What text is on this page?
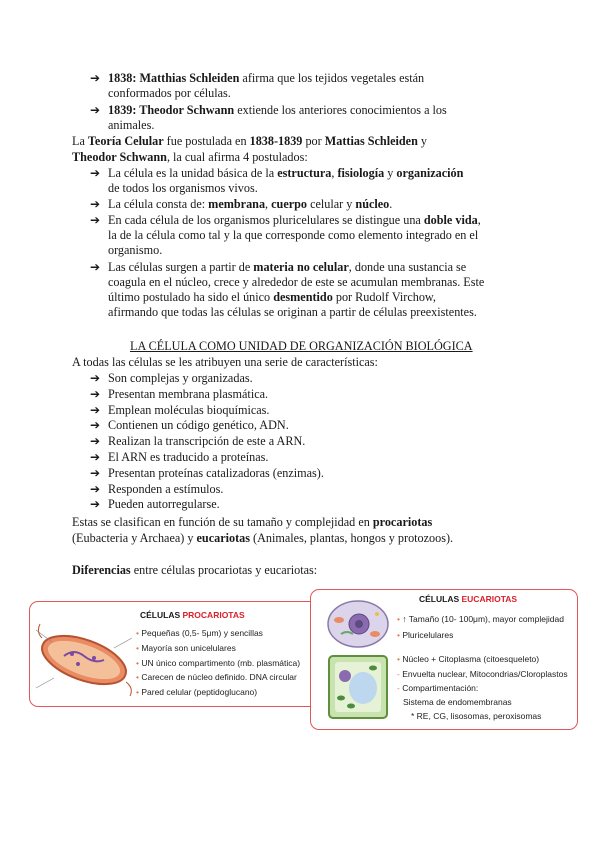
➔ 1838: Matthias Schleiden afirma que los tejidos vegetales están
conformados por células.
➔ 1839: Theodor Schwann extiende los anteriores conocimientos a los
animales.
La Teoría Celular fue postulada en 1838-1839 por Mattias Schleiden y
Theodor Schwann, la cual afirma 4 postulados:
➔ La célula es la unidad básica de la estructura, fisiología y organización
de todos los organismos vivos.
➔ La célula consta de: membrana, cuerpo celular y núcleo.
➔ En cada célula de los organismos pluricelulares se distingue una doble vida,
la de la célula como tal y la que corresponde como elemento integrado en el
organismo.
➔ Las células surgen a partir de materia no celular, donde una sustancia se
coagula en el núcleo, crece y alrededor de este se acumulan membranas. Este
último postulado ha sido el único desmentido por Rudolf Virchow,
afirmando que todas las células se originan a partir de células preexistentes.
LA CÉLULA COMO UNIDAD DE ORGANIZACIÓN BIOLÓGICA
A todas las células se les atribuyen una serie de características:
Estas se clasifican en función de su tamaño y complejidad en procariotas
(Eubacteria y Archaea) y eucariotas (Animales, plantas, hongos y protozoos).
Diferencias entre células procariotas y eucariotas:
CÉLULAS PROCARIOTAS
• Pequeñas (0,5- 5μm) y sencillas
• Mayoría son unicelulares
• UN único compartimento (mb. plasmática)
• Carecen de núcleo definido. DNA circular
• Pared celular (peptidoglucano)
CÉLULAS EUCARIOTAS
• ↑ Tamaño (10- 100μm), mayor complejidad
• Pluricelulares
• Núcleo + Citoplasma (citoesqueleto)
- Envuelta nuclear, Mitocondrias/Cloroplastos
- Compartimentación:
Sistema de endomembranas
* RE, CG, lisosomas, peroxisomas
➔ Son complejas y organizadas.
➔ Presentan membrana plasmática.
➔ Emplean moléculas bioquímicas.
➔ Contienen un código genético, ADN.
➔ Realizan la transcripción de este a ARN.
➔ El ARN es traducido a proteínas.
➔ Presentan proteínas catalizadoras (enzimas).
➔ Responden a estímulos.
➔ Pueden autorregularse.
